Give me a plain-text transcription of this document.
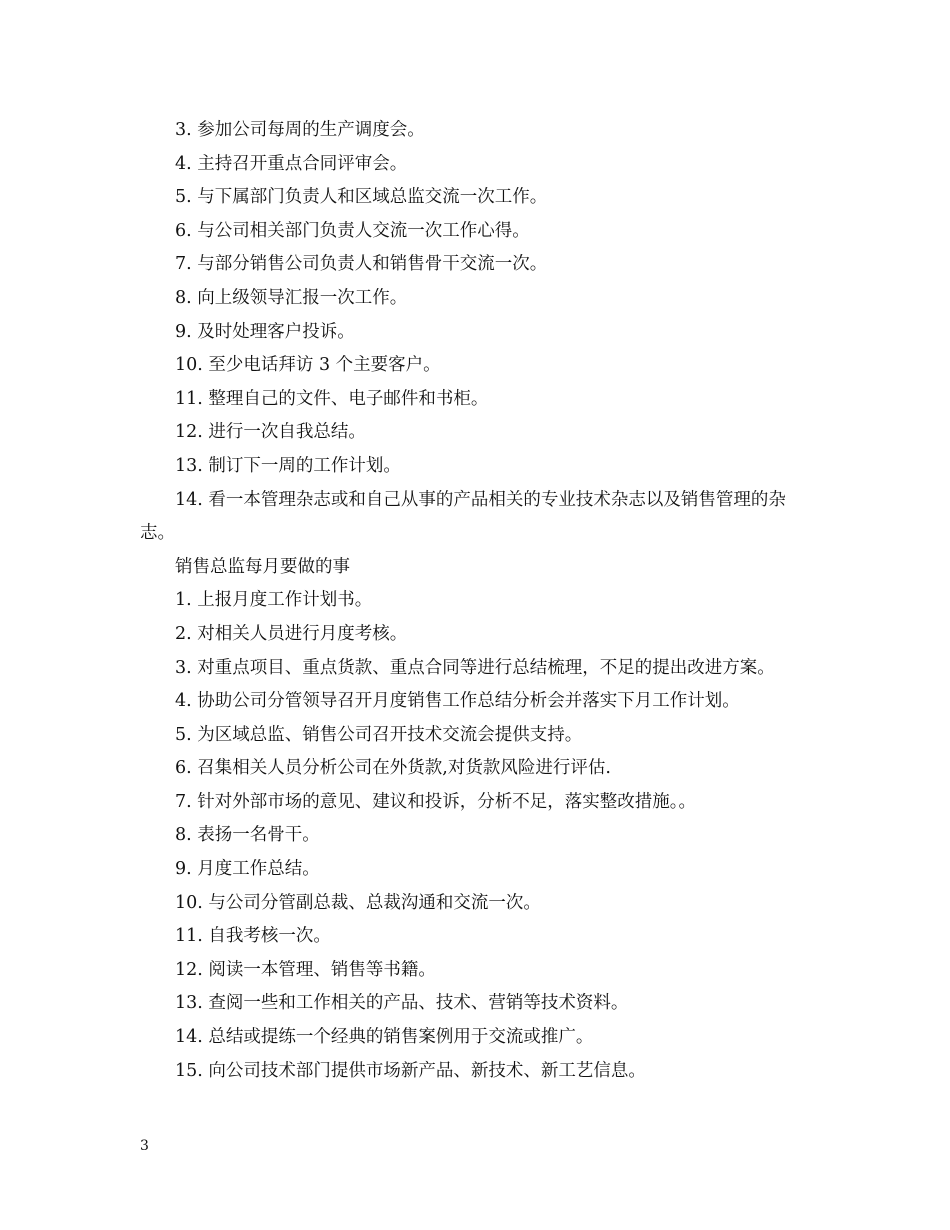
3. 参加公司每周的生产调度会。

4. 主持召开重点合同评审会。

5. 与下属部门负责人和区域总监交流一次工作。

6. 与公司相关部门负责人交流一次工作心得。

7. 与部分销售公司负责人和销售骨干交流一次。

8. 向上级领导汇报一次工作。

9. 及时处理客户投诉。

10. 至少电话拜访 3 个主要客户。

11. 整理自己的文件、电子邮件和书柜。

12. 进行一次自我总结。

13. 制订下一周的工作计划。

14. 看一本管理杂志或和自己从事的产品相关的专业技术杂志以及销售管理的杂志。

销售总监每月要做的事

1. 上报月度工作计划书。

2. 对相关人员进行月度考核。

3. 对重点项目、重点货款、重点合同等进行总结梳理，不足的提出改进方案。

4. 协助公司分管领导召开月度销售工作总结分析会并落实下月工作计划。

5. 为区域总监、销售公司召开技术交流会提供支持。

6. 召集相关人员分析公司在外货款,对货款风险进行评估.

7. 针对外部市场的意见、建议和投诉，分析不足，落实整改措施。。

8. 表扬一名骨干。

9. 月度工作总结。

10. 与公司分管副总裁、总裁沟通和交流一次。

11. 自我考核一次。

12. 阅读一本管理、销售等书籍。

13. 查阅一些和工作相关的产品、技术、营销等技术资料。

14. 总结或提练一个经典的销售案例用于交流或推广。

15. 向公司技术部门提供市场新产品、新技术、新工艺信息。

3
